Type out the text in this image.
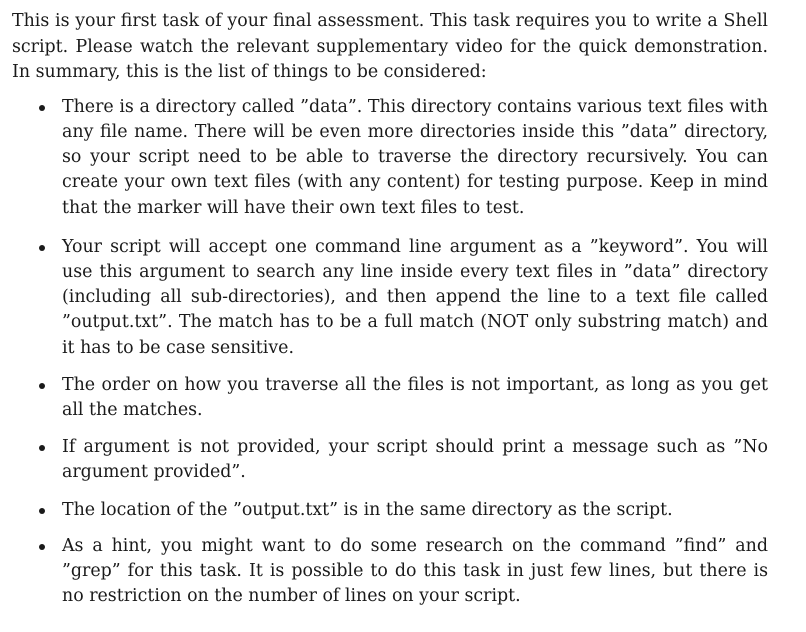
This is your first task of your final assessment. This task requires you to write a Shell script. Please watch the relevant supplementary video for the quick demonstration. In summary, this is the list of things to be considered:

There is a directory called ”data”. This directory contains various text files with any file name. There will be even more directories inside this ”data” directory, so your script need to be able to traverse the directory recursively. You can create your own text files (with any content) for testing purpose. Keep in mind that the marker will have their own text files to test.
Your script will accept one command line argument as a ”keyword”. You will use this argument to search any line inside every text files in ”data” directory (including all sub-directories), and then append the line to a text file called ”output.txt”. The match has to be a full match (NOT only substring match) and it has to be case sensitive.
The order on how you traverse all the files is not important, as long as you get all the matches.
If argument is not provided, your script should print a message such as ”No argument provided”.
The location of the ”output.txt” is in the same directory as the script.
As a hint, you might want to do some research on the command ”find” and ”grep” for this task. It is possible to do this task in just few lines, but there is no restriction on the number of lines on your script.
